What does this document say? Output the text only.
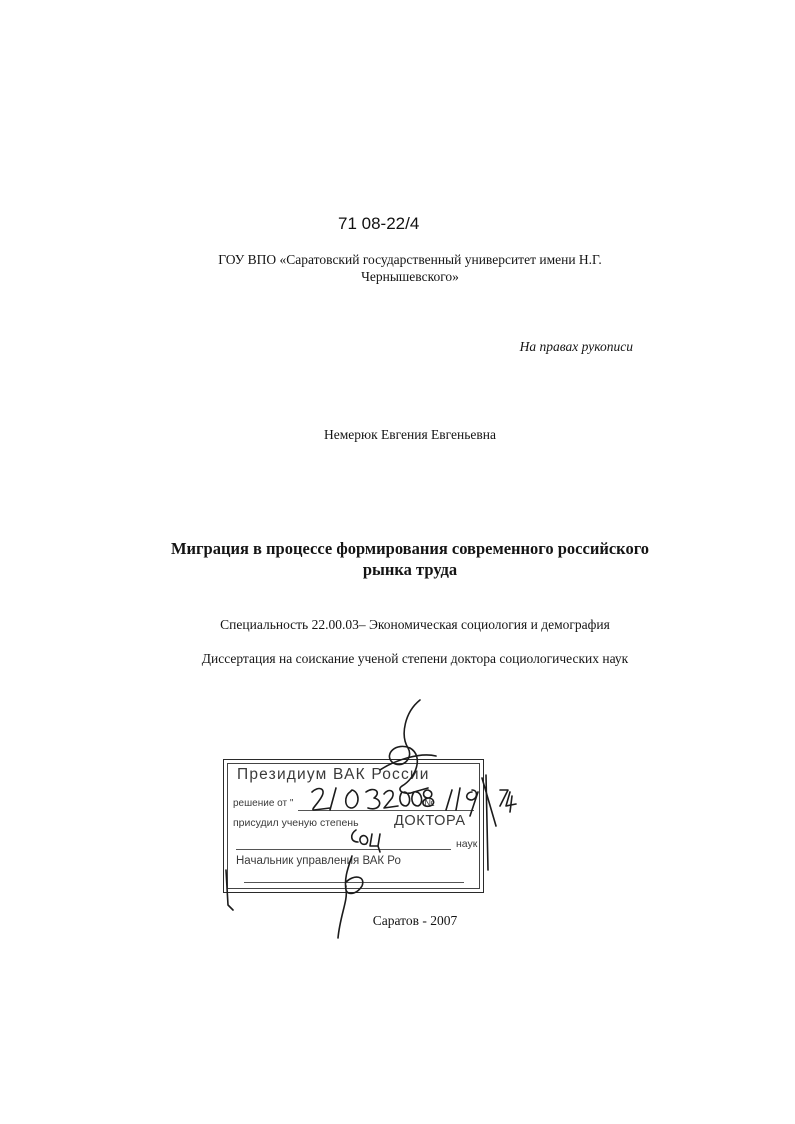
71 08-22/4
ГОУ ВПО «Саратовский государственный университет имени Н.Г. Чернышевского»
На правах рукописи
Немерюк Евгения Евгеньевна
Миграция в процессе формирования современного российского рынка труда
Специальность 22.00.03– Экономическая социология и демография
Диссертация на соискание ученой степени доктора социологических наук
Президиум ВАК России
решение от "	№
присудил ученую степень ДОКТОРА
наук
Начальник управления ВАК Ро
Саратов - 2007
